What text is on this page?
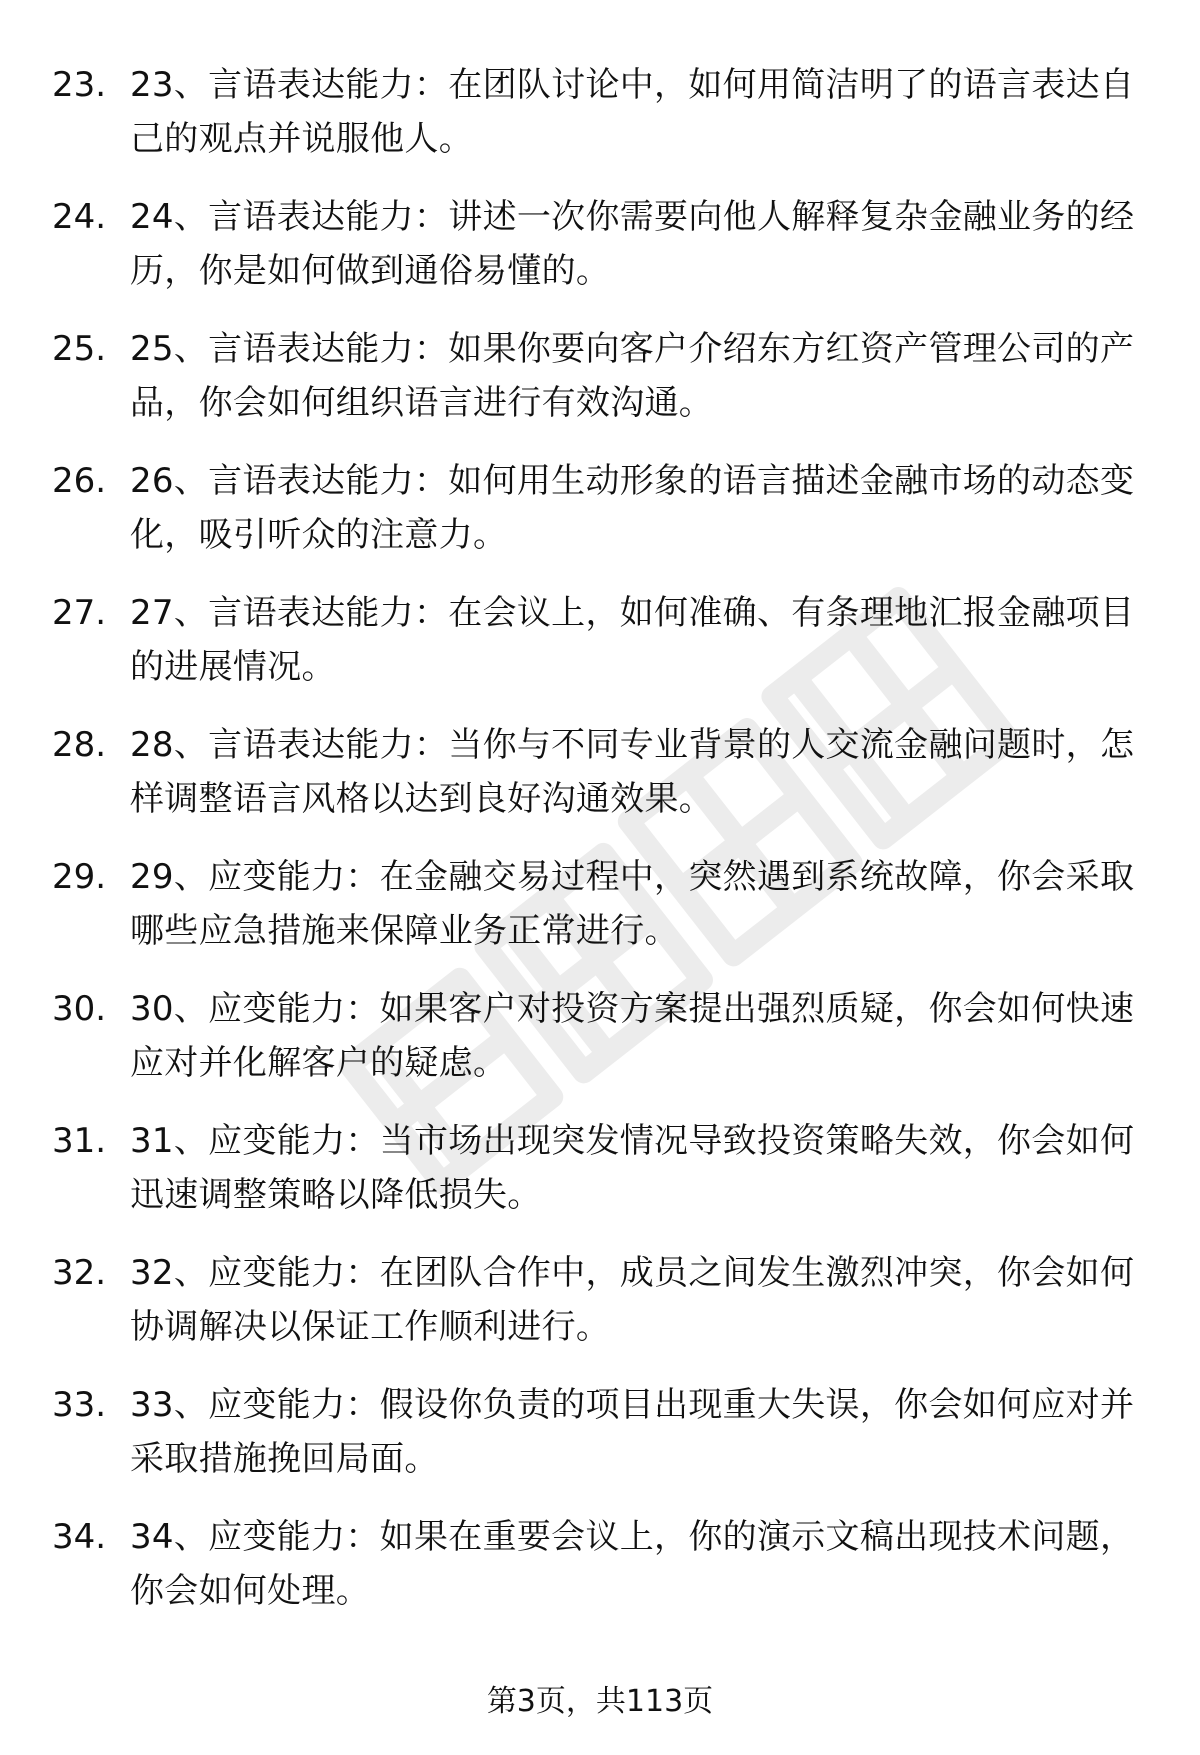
23. 23、言语表达能力：在团队讨论中，如何用简洁明了的语言表达自己的观点并说服他人。
24. 24、言语表达能力：讲述一次你需要向他人解释复杂金融业务的经历，你是如何做到通俗易懂的。
25. 25、言语表达能力：如果你要向客户介绍东方红资产管理公司的产品，你会如何组织语言进行有效沟通。
26. 26、言语表达能力：如何用生动形象的语言描述金融市场的动态变化，吸引听众的注意力。
27. 27、言语表达能力：在会议上，如何准确、有条理地汇报金融项目的进展情况。
28. 28、言语表达能力：当你与不同专业背景的人交流金融问题时，怎样调整语言风格以达到良好沟通效果。
29. 29、应变能力：在金融交易过程中，突然遇到系统故障，你会采取哪些应急措施来保障业务正常进行。
30. 30、应变能力：如果客户对投资方案提出强烈质疑，你会如何快速应对并化解客户的疑虑。
31. 31、应变能力：当市场出现突发情况导致投资策略失效，你会如何迅速调整策略以降低损失。
32. 32、应变能力：在团队合作中，成员之间发生激烈冲突，你会如何协调解决以保证工作顺利进行。
33. 33、应变能力：假设你负责的项目出现重大失误，你会如何应对并采取措施挽回局面。
34. 34、应变能力：如果在重要会议上，你的演示文稿出现技术问题，你会如何处理。
第3页，共113页
